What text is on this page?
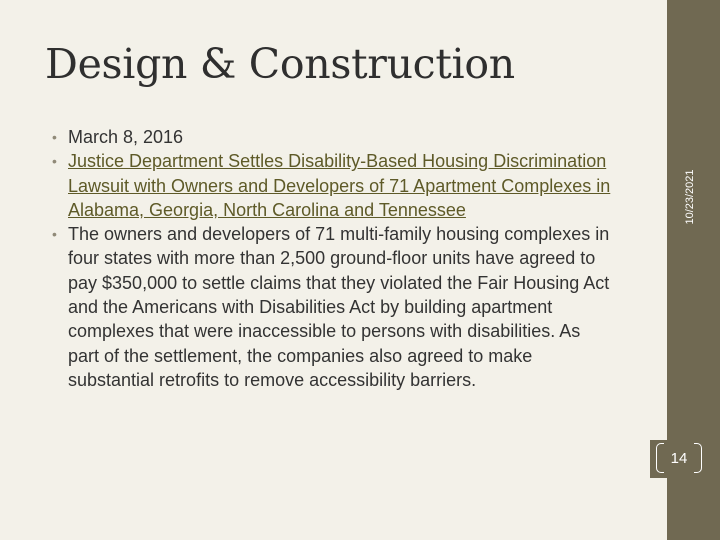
Design & Construction
• March 8, 2016
• Justice Department Settles Disability-Based Housing Discrimination Lawsuit with Owners and Developers of 71 Apartment Complexes in Alabama, Georgia, North Carolina and Tennessee
• The owners and developers of 71 multi-family housing complexes in four states with more than 2,500 ground-floor units have agreed to pay $350,000 to settle claims that they violated the Fair Housing Act and the Americans with Disabilities Act by building apartment complexes that were inaccessible to persons with disabilities. As part of the settlement, the companies also agreed to make substantial retrofits to remove accessibility barriers.
10/23/2021
14
